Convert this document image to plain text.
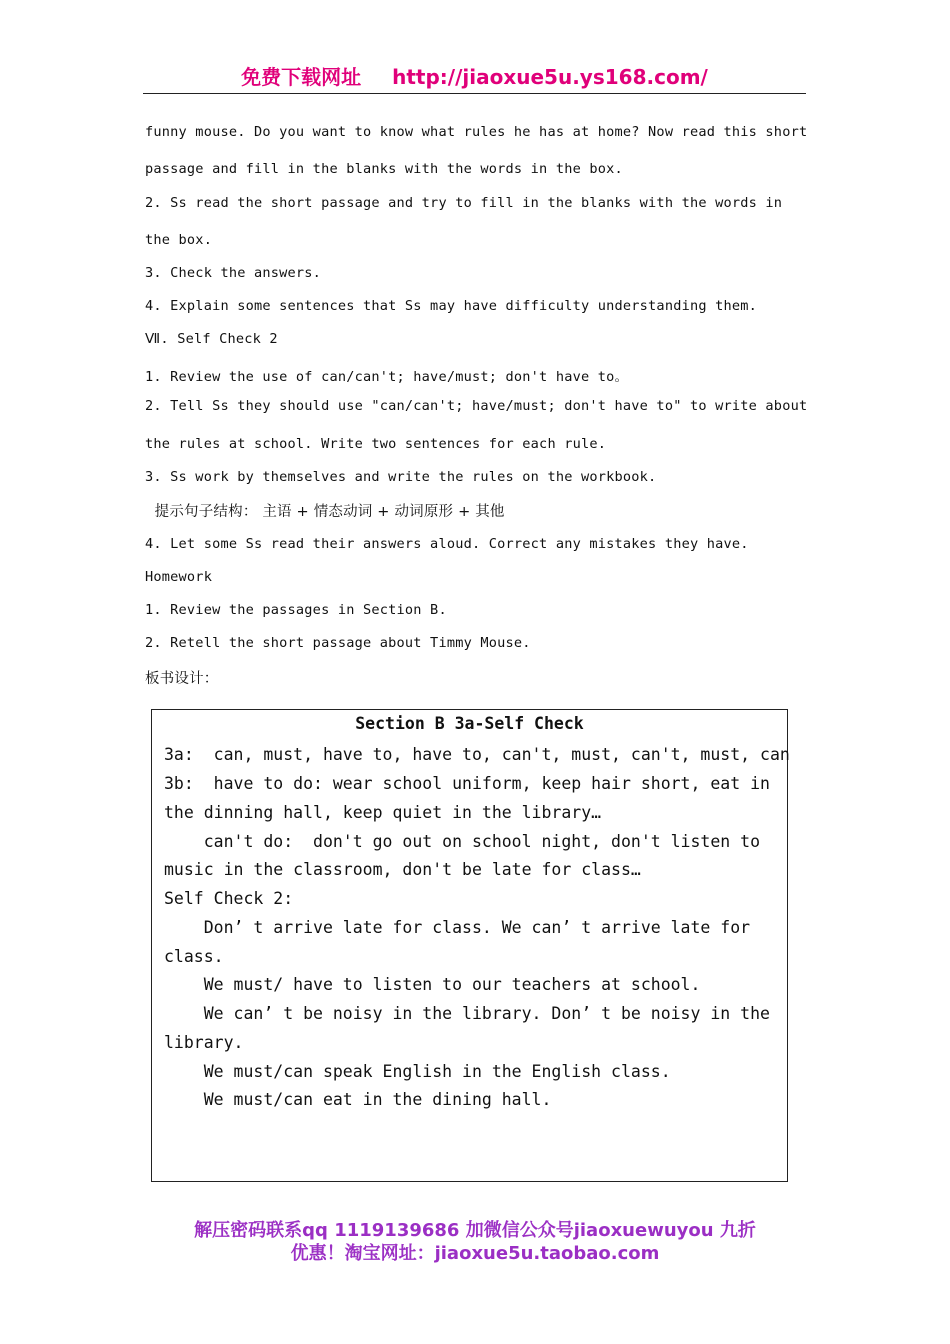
免费下载网址 http://jiaoxue5u.ys168.com/
funny mouse. Do you want to know what rules he has at home? Now read this short
passage and fill in the blanks with the words in the box.
2. Ss read the short passage and try to fill in the blanks with the words in
the box.
3. Check the answers.
4. Explain some sentences that Ss may have difficulty understanding them.
Ⅶ. Self Check 2
1. Review the use of can/can't; have/must; don't have to。
2. Tell Ss they should use "can/can't; have/must; don't have to" to write about
the rules at school. Write two sentences for each rule.
3. Ss work by themselves and write the rules on the workbook.
提示句子结构： 主语 + 情态动词 + 动词原形 + 其他
4. Let some Ss read their answers aloud. Correct any mistakes they have.
Homework
1. Review the passages in Section B.
2. Retell the short passage about Timmy Mouse.
板书设计：
Section B 3a-Self Check
3a:  can, must, have to, have to, can't, must, can't, must, can
3b:  have to do: wear school uniform, keep hair short, eat in
the dinning hall, keep quiet in the library…
can't do:  don't go out on school night, don't listen to
music in the classroom, don't be late for class…
Self Check 2:
Don’ t arrive late for class. We can’ t arrive late for
class.
We must/ have to listen to our teachers at school.
We can’ t be noisy in the library. Don’ t be noisy in the
library.
We must/can speak English in the English class.
We must/can eat in the dining hall.
解压密码联系qq 1119139686 加微信公众号jiaoxuewuyou 九折
优惠！淘宝网址：jiaoxue5u.taobao.com
